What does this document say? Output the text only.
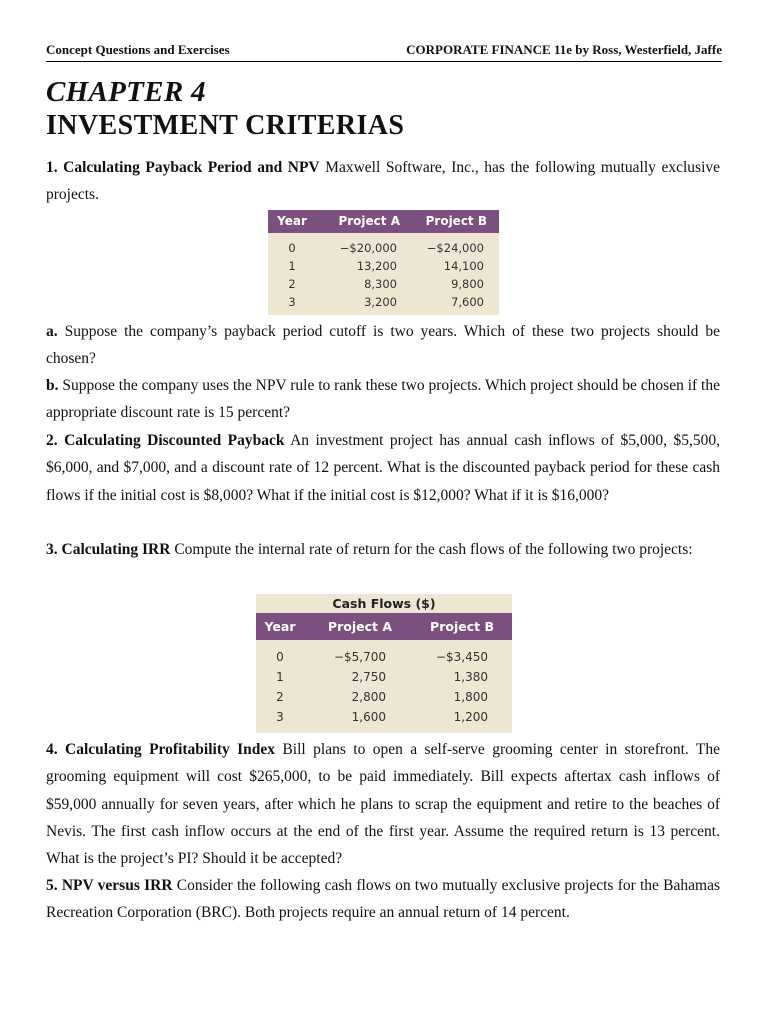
Concept Questions and Exercises	CORPORATE FINANCE 11e by Ross, Westerfield, Jaffe
CHAPTER 4
INVESTMENT CRITERIAS
1. Calculating Payback Period and NPV Maxwell Software, Inc., has the following mutually exclusive projects.
Year	Project A	Project B
0	−$20,000	−$24,000
1	13,200	14,100
2	8,300	9,800
3	3,200	7,600
a. Suppose the company’s payback period cutoff is two years. Which of these two projects should be chosen?
b. Suppose the company uses the NPV rule to rank these two projects. Which project should be chosen if the appropriate discount rate is 15 percent?
2. Calculating Discounted Payback An investment project has annual cash inflows of $5,000, $5,500, $6,000, and $7,000, and a discount rate of 12 percent. What is the discounted payback period for these cash flows if the initial cost is $8,000? What if the initial cost is $12,000? What if it is $16,000?
3. Calculating IRR Compute the internal rate of return for the cash flows of the following two projects:
Cash Flows ($)
Year	Project A	Project B
0	−$5,700	−$3,450
1	2,750	1,380
2	2,800	1,800
3	1,600	1,200
4. Calculating Profitability Index Bill plans to open a self-serve grooming center in storefront. The grooming equipment will cost $265,000, to be paid immediately. Bill expects aftertax cash inflows of $59,000 annually for seven years, after which he plans to scrap the equipment and retire to the beaches of Nevis. The first cash inflow occurs at the end of the first year. Assume the required return is 13 percent. What is the project’s PI? Should it be accepted?
5. NPV versus IRR Consider the following cash flows on two mutually exclusive projects for the Bahamas Recreation Corporation (BRC). Both projects require an annual return of 14 percent.
